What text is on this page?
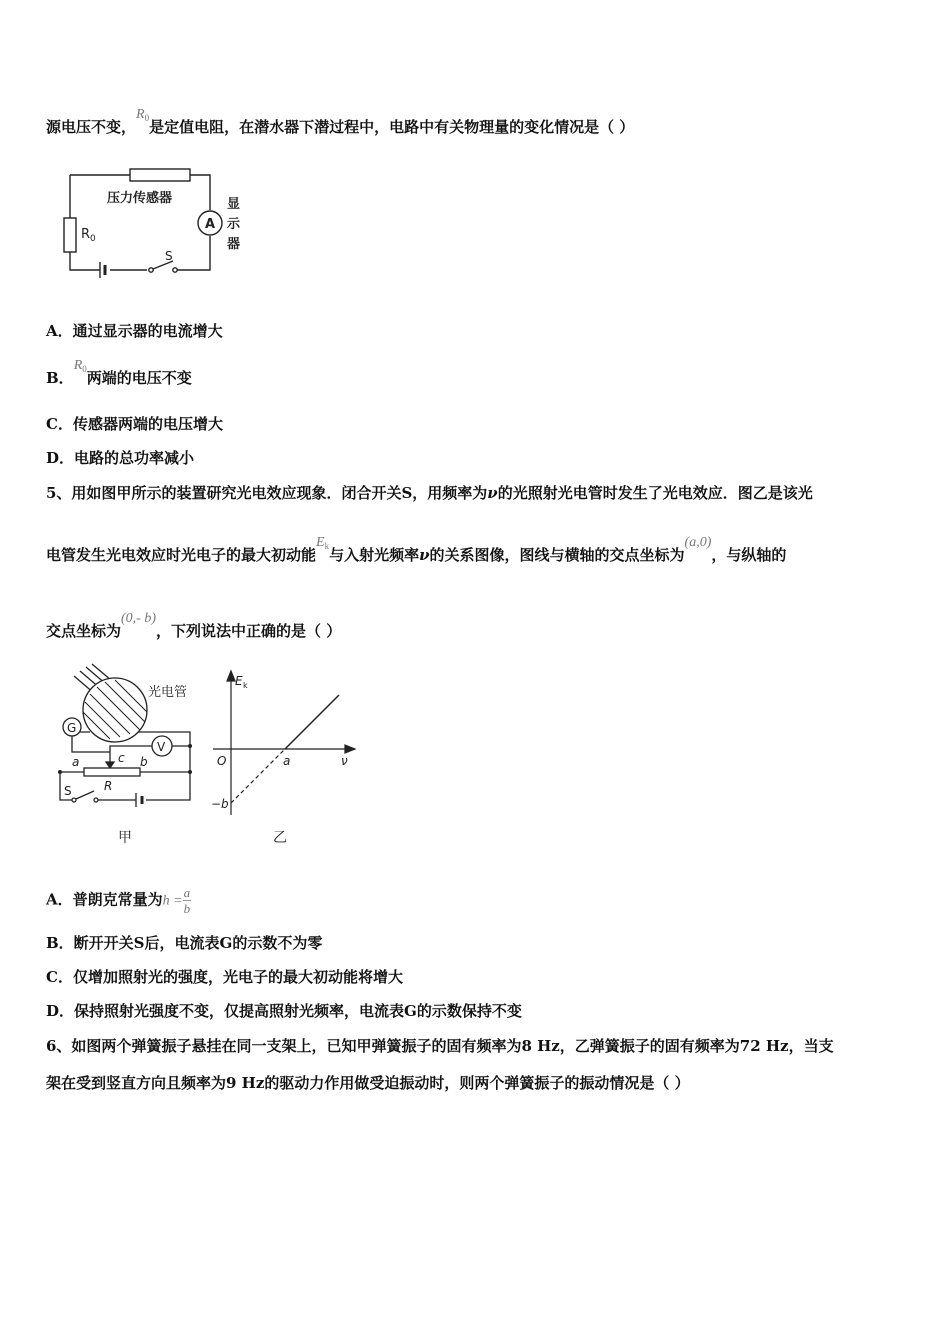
源电压不变，$R_0$是定值电阻，在潜水器下潜过程中，电路中有关物理量的变化情况是（ ）
压力传感器
A
$R_0$
S
显
示
器
A．通过显示器的电流增大
B．$R_0$两端的电压不变
C．传感器两端的电压增大
D．电路的总功率减小
5、用如图甲所示的装置研究光电效应现象．闭合开关S，用频率为ν的光照射光电管时发生了光电效应．图乙是该光
电管发生光电效应时光电子的最大初动能$E_k$与入射光频率ν的关系图像，图线与横轴的交点坐标为(a,0)，与纵轴的
交点坐标为(0,- b)，下列说法中正确的是（ ）
光电管
G
V
a	b
c
R
S
甲
E k
O	a	ν
−b
乙
A．普朗克常量为$h = \frac{a}{b}$
B．断开开关S后，电流表G的示数不为零
C．仅增加照射光的强度，光电子的最大初动能将增大
D．保持照射光强度不变，仅提高照射光频率，电流表G的示数保持不变
6、如图两个弹簧振子悬挂在同一支架上，已知甲弹簧振子的固有频率为8 Hz，乙弹簧振子的固有频率为72 Hz，当支
架在受到竖直方向且频率为9 Hz的驱动力作用做受迫振动时，则两个弹簧振子的振动情况是（ ）
